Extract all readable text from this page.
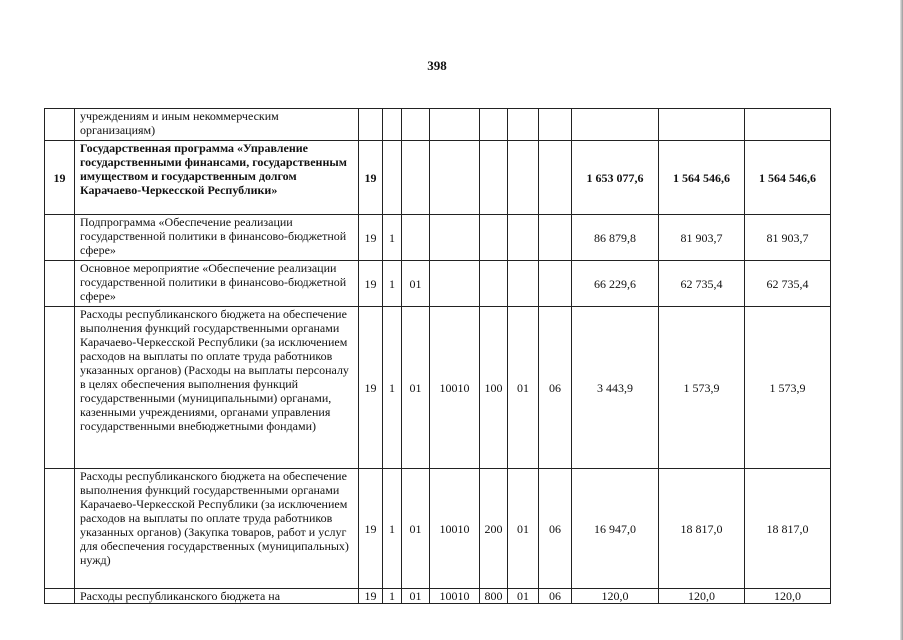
398
	учреждениям и иным некоммерческим организациям)										
19	Государственная программа «Управление государственными финансами, государственным имуществом и государственным долгом Карачаево-Черкесской Республики»	19							1 653 077,6	1 564 546,6	1 564 546,6
	Подпрограмма «Обеспечение реализации государственной политики в финансово-бюджетной сфере»	19	1						86 879,8	81 903,7	81 903,7
	Основное мероприятие «Обеспечение реализации государственной политики в финансово-бюджетной сфере»	19	1	01					66 229,6	62 735,4	62 735,4
	Расходы республиканского бюджета на обеспечение выполнения функций государственными органами Карачаево-Черкесской Республики (за исключением расходов на выплаты по оплате труда работников указанных органов) (Расходы на выплаты персоналу в целях обеспечения выполнения функций государственными (муниципальными) органами, казенными учреждениями, органами управления государственными внебюджетными фондами)	19	1	01	10010	100	01	06	3 443,9	1 573,9	1 573,9
	Расходы республиканского бюджета на обеспечение выполнения функций государственными органами Карачаево-Черкесской Республики (за исключением расходов на выплаты по оплате труда работников указанных органов) (Закупка товаров, работ и услуг для обеспечения государственных (муниципальных) нужд)	19	1	01	10010	200	01	06	16 947,0	18 817,0	18 817,0
	Расходы республиканского бюджета на	19	1	01	10010	800	01	06	120,0	120,0	120,0
